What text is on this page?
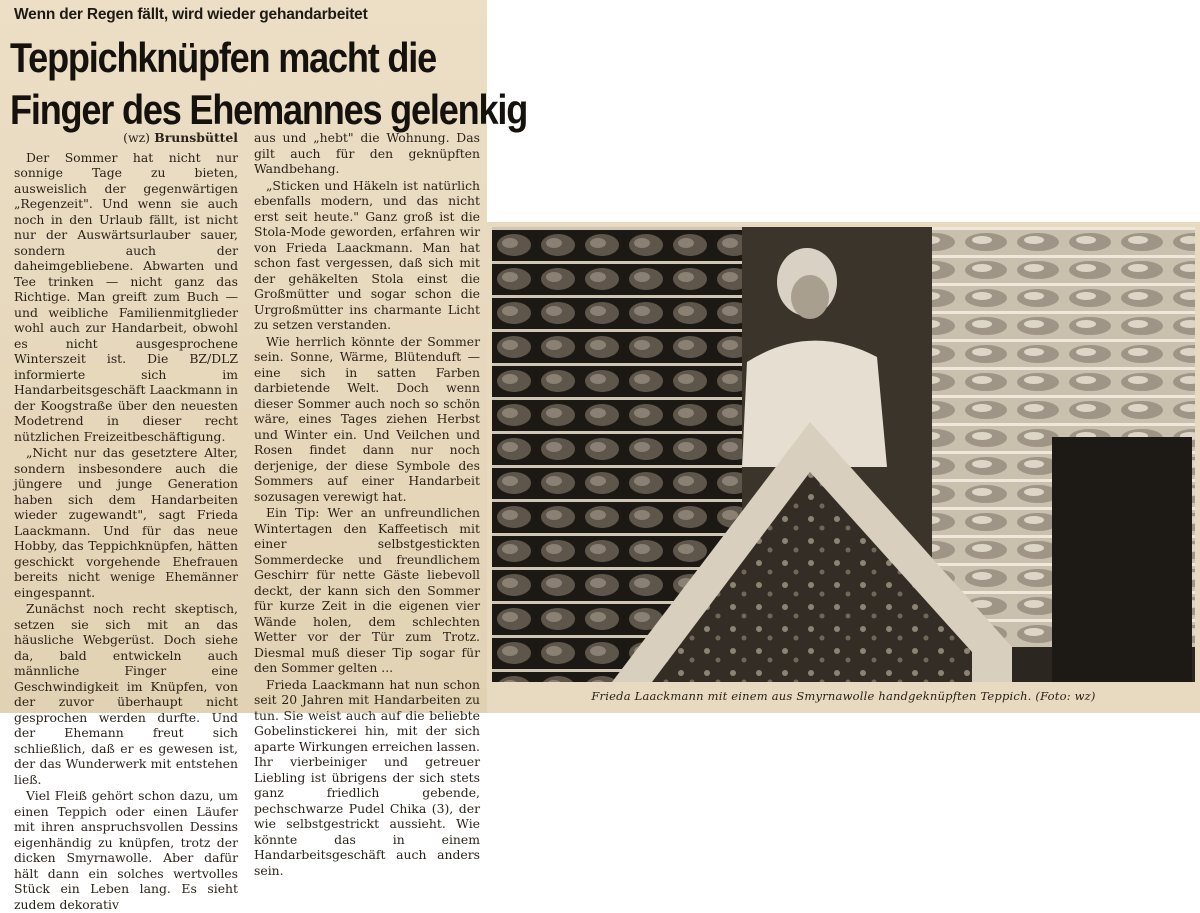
Wenn der Regen fällt, wird wieder gehandarbeitet
Teppichknüpfen macht die
Finger des Ehemannes gelenkig
(wz) Brunsbüttel

Der Sommer hat nicht nur sonnige Tage zu bieten, ausweislich der gegenwärtigen „Regenzeit". Und wenn sie auch noch in den Urlaub fällt, ist nicht nur der Auswärtsurlauber sauer, sondern auch der daheimgebliebene. Abwarten und Tee trinken — nicht ganz das Richtige. Man greift zum Buch — und weibliche Familienmitglieder wohl auch zur Handarbeit, obwohl es nicht ausgesprochene Winterszeit ist. Die BZ/DLZ informierte sich im Handarbeitsgeschäft Laackmann in der Koogstraße über den neuesten Modetrend in dieser recht nützlichen Freizeitbeschäftigung.

„Nicht nur das gesetztere Alter, sondern insbesondere auch die jüngere und junge Generation haben sich dem Handarbeiten wieder zugewandt", sagt Frieda Laackmann. Und für das neue Hobby, das Teppichknüpfen, hätten geschickt vorgehende Ehefrauen bereits nicht wenige Ehemänner eingespannt.

Zunächst noch recht skeptisch, setzen sie sich mit an das häusliche Webgerüst. Doch siehe da, bald entwickeln auch männliche Finger eine Geschwindigkeit im Knüpfen, von der zuvor überhaupt nicht gesprochen werden durfte. Und der Ehemann freut sich schließlich, daß er es gewesen ist, der das Wunderwerk mit entstehen ließ.

Viel Fleiß gehört schon dazu, um einen Teppich oder einen Läufer mit ihren anspruchsvollen Dessins eigenhändig zu knüpfen, trotz der dicken Smyrnawolle. Aber dafür hält dann ein solches wertvolles Stück ein Leben lang. Es sieht zudem dekorativ

aus und „hebt" die Wohnung. Das gilt auch für den geknüpften Wandbehang.

„Sticken und Häkeln ist natürlich ebenfalls modern, und das nicht erst seit heute." Ganz groß ist die Stola-Mode geworden, erfahren wir von Frieda Laackmann. Man hat schon fast vergessen, daß sich mit der gehäkelten Stola einst die Großmütter und sogar schon die Urgroßmütter ins charmante Licht zu setzen verstanden.

Wie herrlich könnte der Sommer sein. Sonne, Wärme, Blütenduft — eine sich in satten Farben darbietende Welt. Doch wenn dieser Sommer auch noch so schön wäre, eines Tages ziehen Herbst und Winter ein. Und Veilchen und Rosen findet dann nur noch derjenige, der diese Symbole des Sommers auf einer Handarbeit sozusagen verewigt hat.

Ein Tip: Wer an unfreundlichen Wintertagen den Kaffeetisch mit einer selbstgestickten Sommerdecke und freundlichem Geschirr für nette Gäste liebevoll deckt, der kann sich den Sommer für kurze Zeit in die eigenen vier Wände holen, dem schlechten Wetter vor der Tür zum Trotz. Diesmal muß dieser Tip sogar für den Sommer gelten ...

Frieda Laackmann hat nun schon seit 20 Jahren mit Handarbeiten zu tun. Sie weist auch auf die beliebte Gobelinstickerei hin, mit der sich aparte Wirkungen erreichen lassen. Ihr vierbeiniger und getreuer Liebling ist übrigens der sich stets ganz friedlich gebende, pechschwarze Pudel Chika (3), der wie selbstgestrickt aussieht. Wie könnte das in einem Handarbeitsgeschäft auch anders sein.

Frieda Laackmann mit einem aus Smyrnawolle handgeknüpften Teppich. (Foto: wz)
